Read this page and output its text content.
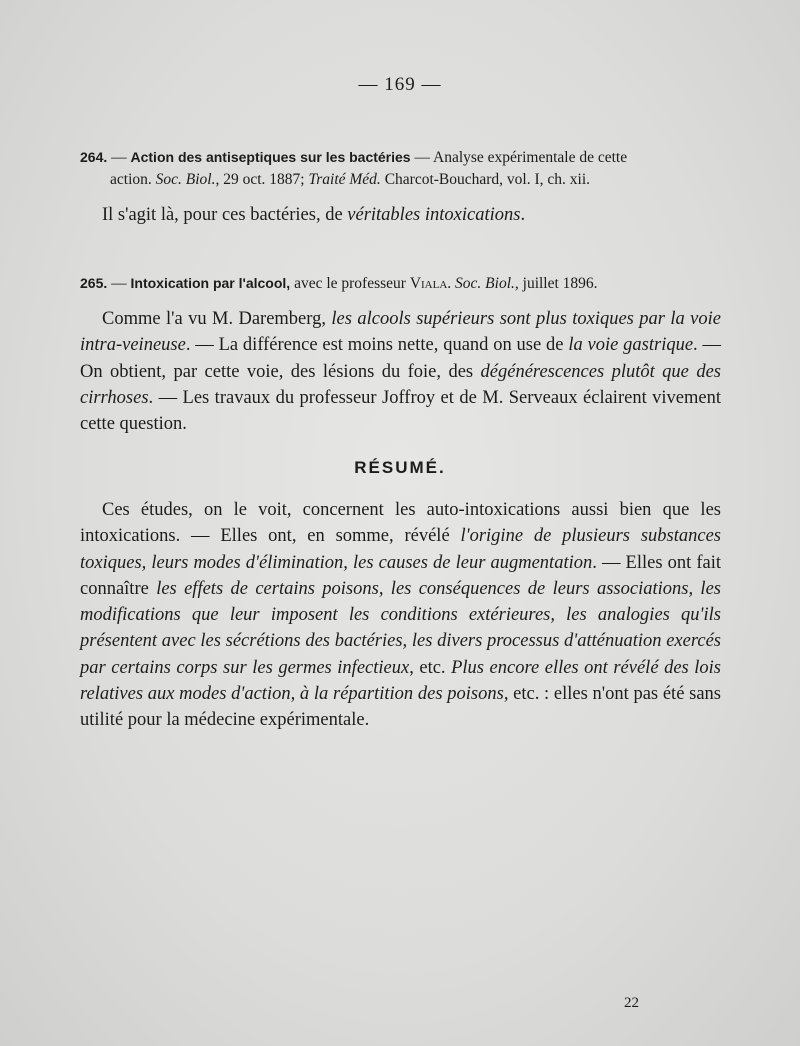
— 169 —
264. — Action des antiseptiques sur les bactéries — Analyse expérimentale de cette
action. Soc. Biol., 29 oct. 1887; Traité Méd. Charcot-Bouchard, vol. I, ch. xii.
Il s'agit là, pour ces bactéries, de véritables intoxications.
265. — Intoxication par l'alcool, avec le professeur Viala. Soc. Biol., juillet 1896.
Comme l'a vu M. Daremberg, les alcools supérieurs sont plus toxiques par la voie intra-veineuse. — La différence est moins nette, quand on use de la voie gastrique. — On obtient, par cette voie, des lésions du foie, des dégénérescences plutôt que des cirrhoses. — Les travaux du professeur Joffroy et de M. Serveaux éclairent vivement cette question.
RÉSUMÉ.
Ces études, on le voit, concernent les auto-intoxications aussi bien que les intoxications. — Elles ont, en somme, révélé l'origine de plusieurs substances toxiques, leurs modes d'élimination, les causes de leur augmentation. — Elles ont fait connaître les effets de certains poisons, les conséquences de leurs associations, les modifications que leur imposent les conditions extérieures, les analogies qu'ils présentent avec les sécrétions des bactéries, les divers processus d'atténuation exercés par certains corps sur les germes infectieux, etc. Plus encore elles ont révélé des lois relatives aux modes d'action, à la répartition des poisons, etc. : elles n'ont pas été sans utilité pour la médecine expérimentale.
22
